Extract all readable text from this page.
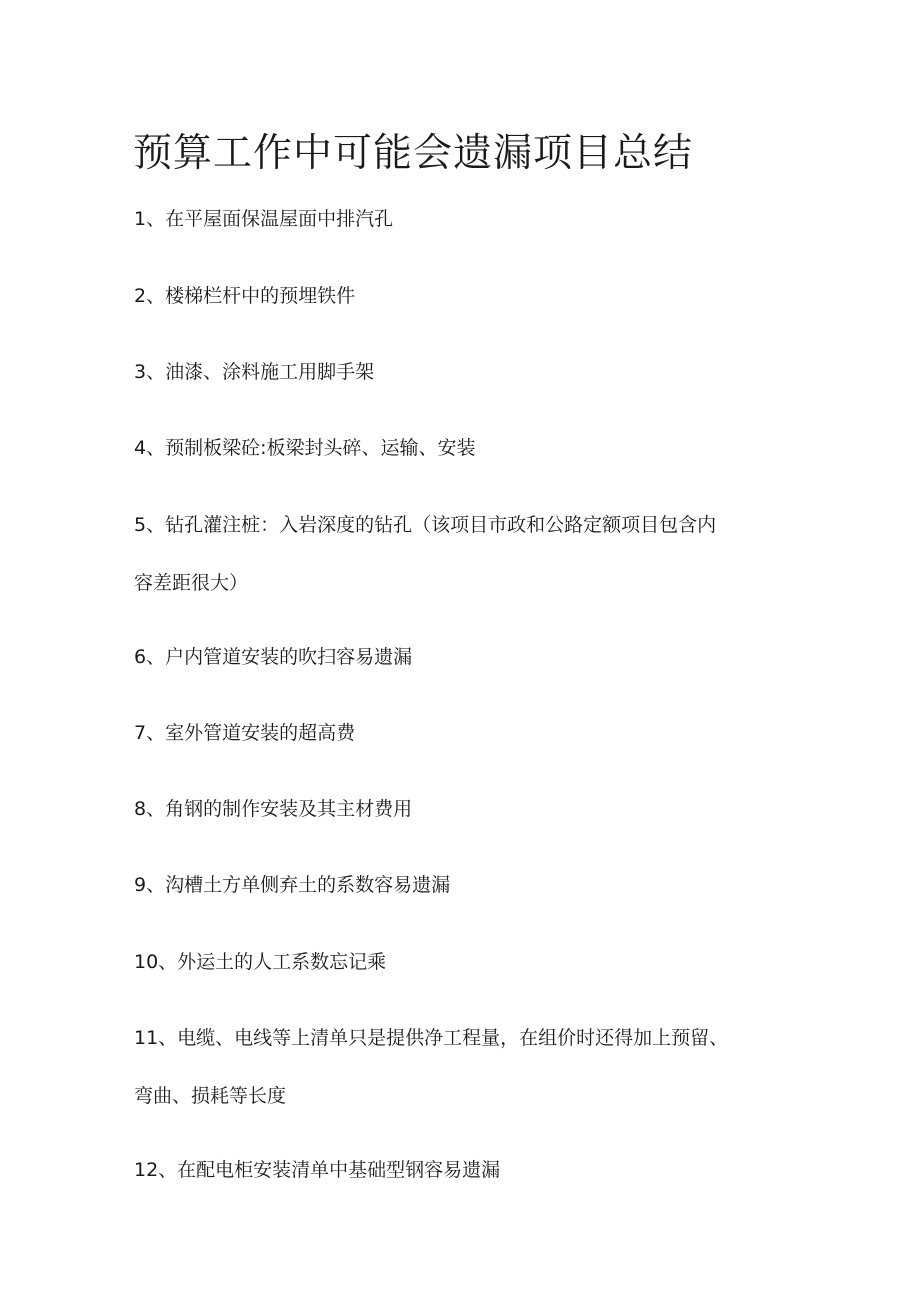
预算工作中可能会遗漏项目总结
1、在平屋面保温屋面中排汽孔
2、楼梯栏杆中的预埋铁件
3、油漆、涂料施工用脚手架
4、预制板梁砼:板梁封头碎、运输、安装
5、钻孔灌注桩：入岩深度的钻孔（该项目市政和公路定额项目包含内
容差距很大）
6、户内管道安装的吹扫容易遗漏
7、室外管道安装的超高费
8、角钢的制作安装及其主材费用
9、沟槽土方单侧弃土的系数容易遗漏
10、外运土的人工系数忘记乘
11、电缆、电线等上清单只是提供净工程量，在组价时还得加上预留、
弯曲、损耗等长度
12、在配电柜安装清单中基础型钢容易遗漏
